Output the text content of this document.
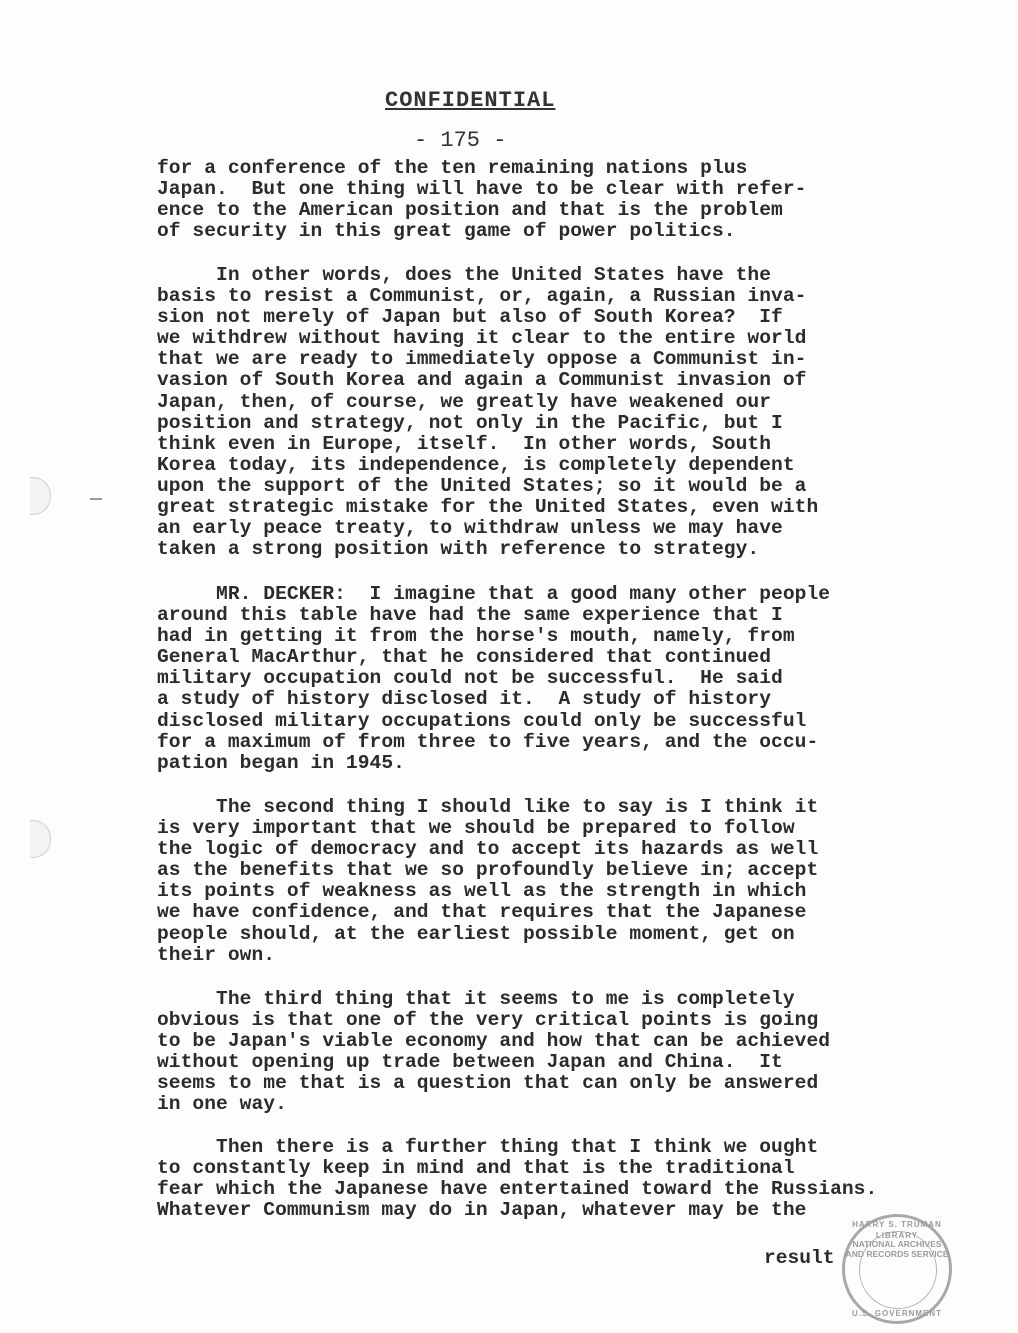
CONFIDENTIAL
- 175 -

for a conference of the ten remaining nations plus
Japan.  But one thing will have to be clear with refer-
ence to the American position and that is the problem
of security in this great game of power politics.

In other words, does the United States have the
basis to resist a Communist, or, again, a Russian inva-
sion not merely of Japan but also of South Korea?  If
we withdrew without having it clear to the entire world
that we are ready to immediately oppose a Communist in-
vasion of South Korea and again a Communist invasion of
Japan, then, of course, we greatly have weakened our
position and strategy, not only in the Pacific, but I
think even in Europe, itself.  In other words, South
Korea today, its independence, is completely dependent
upon the support of the United States; so it would be a
great strategic mistake for the United States, even with
an early peace treaty, to withdraw unless we may have
taken a strong position with reference to strategy.

MR. DECKER:  I imagine that a good many other people
around this table have had the same experience that I
had in getting it from the horse's mouth, namely, from
General MacArthur, that he considered that continued
military occupation could not be successful.  He said
a study of history disclosed it.  A study of history
disclosed military occupations could only be successful
for a maximum of from three to five years, and the occu-
pation began in 1945.

The second thing I should like to say is I think it
is very important that we should be prepared to follow
the logic of democracy and to accept its hazards as well
as the benefits that we so profoundly believe in; accept
its points of weakness as well as the strength in which
we have confidence, and that requires that the Japanese
people should, at the earliest possible moment, get on
their own.

The third thing that it seems to me is completely
obvious is that one of the very critical points is going
to be Japan's viable economy and how that can be achieved
without opening up trade between Japan and China.  It
seems to me that is a question that can only be answered
in one way.

Then there is a further thing that I think we ought
to constantly keep in mind and that is the traditional
fear which the Japanese have entertained toward the Russians.
Whatever Communism may do in Japan, whatever may be the

result
HARRY S. TRUMAN LIBRARY
NATIONAL ARCHIVES AND RECORDS SERVICE
U.S. GOVERNMENT
